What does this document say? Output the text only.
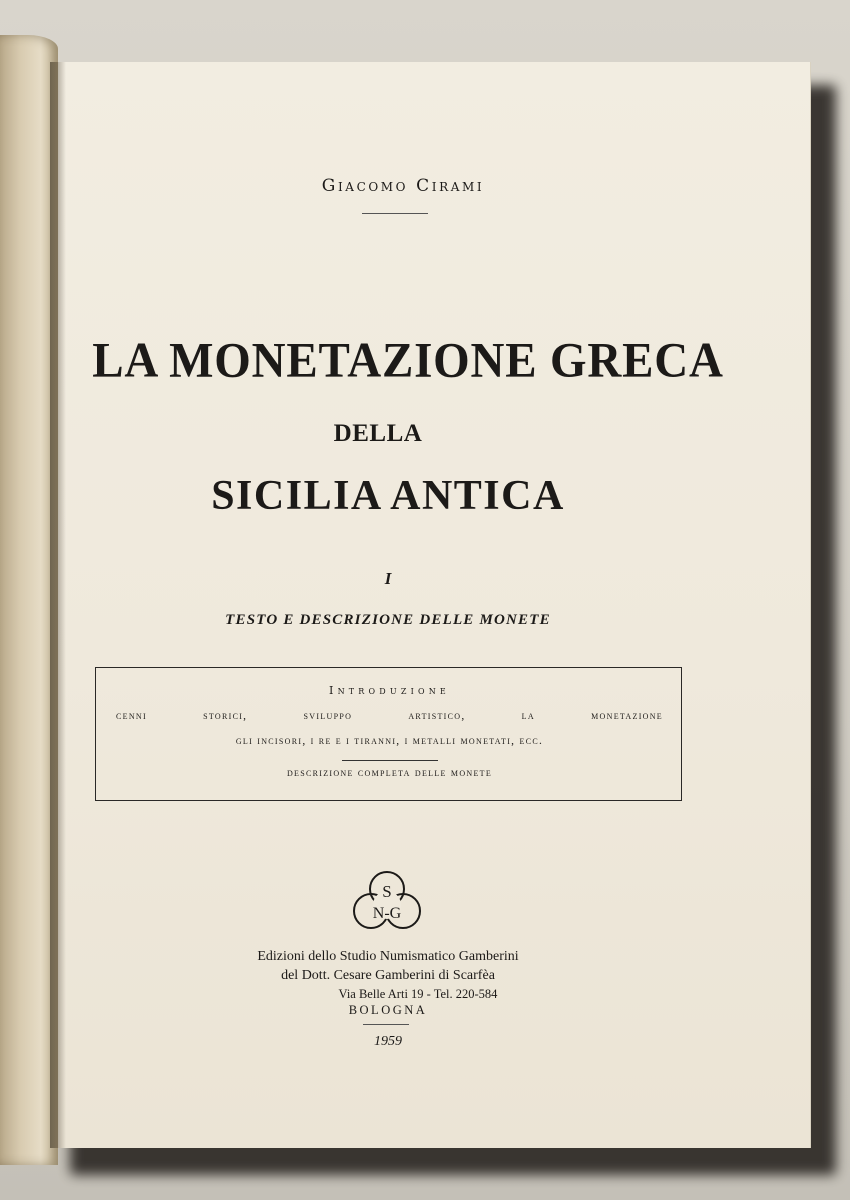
Giacomo Cirami
LA MONETAZIONE GRECA
DELLA
SICILIA ANTICA
I
TESTO E DESCRIZIONE DELLE MONETE
Introduzione
cenni storici, sviluppo artistico, la monetazione
gli incisori, i re e i tiranni, i metalli monetati, ecc.
descrizione completa delle monete
S
N-G
Edizioni dello Studio Numismatico Gamberini
del Dott. Cesare Gamberini di Scarfèa
Via Belle Arti 19 - Tel. 220-584
BOLOGNA
1959
